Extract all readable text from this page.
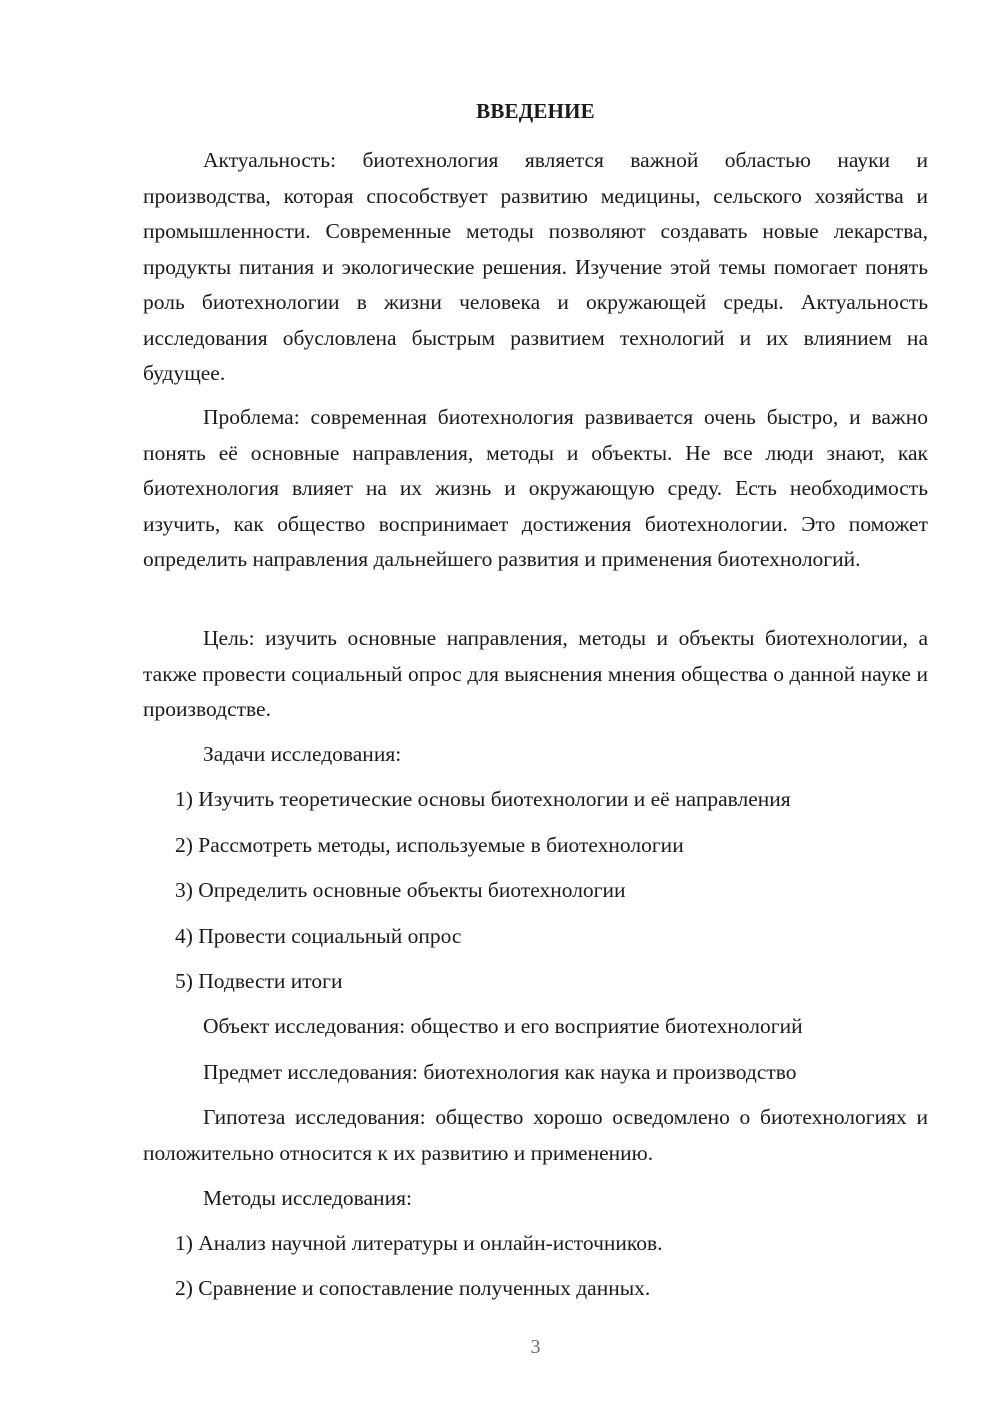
ВВЕДЕНИЕ

Актуальность: биотехнология является важной областью науки и производства, которая способствует развитию медицины, сельского хозяйства и промышленности. Современные методы позволяют создавать новые лекарства, продукты питания и экологические решения. Изучение этой темы помогает понять роль биотехнологии в жизни человека и окружающей среды. Актуальность исследования обусловлена быстрым развитием технологий и их влиянием на будущее.

Проблема: современная биотехнология развивается очень быстро, и важно понять её основные направления, методы и объекты. Не все люди знают, как биотехнология влияет на их жизнь и окружающую среду. Есть необходимость изучить, как общество воспринимает достижения биотехнологии. Это поможет определить направления дальнейшего развития и применения биотехнологий.

Цель: изучить основные направления, методы и объекты биотехнологии, а также провести социальный опрос для выяснения мнения общества о данной науке и производстве.

Задачи исследования:

1) Изучить теоретические основы биотехнологии и её направления

2) Рассмотреть методы, используемые в биотехнологии

3) Определить основные объекты биотехнологии

4) Провести социальный опрос

5) Подвести итоги

Объект исследования: общество и его восприятие биотехнологий

Предмет исследования: биотехнология как наука и производство

Гипотеза исследования: общество хорошо осведомлено о биотехнологиях и положительно относится к их развитию и применению.

Методы исследования:

1) Анализ научной литературы и онлайн-источников.

2) Сравнение и сопоставление полученных данных.

3
